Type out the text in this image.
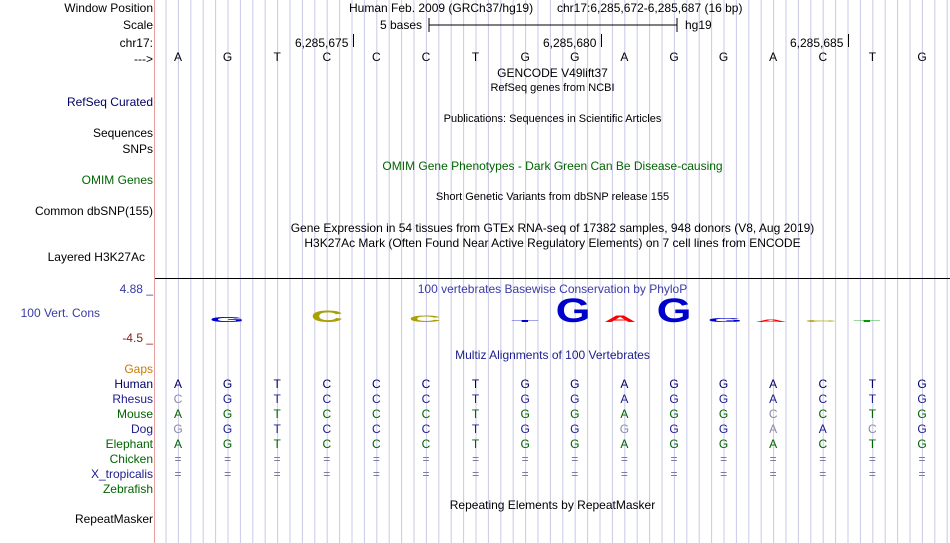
Window Position	Human Feb. 2009 (GRCh37/hg19) chr17:6,285,672-6,285,687 (16 bp)
Scale	5 bases	hg19
chr17:	6,285,675	6,285,680	6,285,685
--->	A	G	T	C	C	C	T	G	G	A	G	G	A	C	T	G
GENCODE V49lift37
RefSeq genes from NCBI
RefSeq Curated
Publications: Sequences in Scientific Articles
Sequences
SNPs
OMIM Gene Phenotypes - Dark Green Can Be Disease-causing
OMIM Genes
Short Genetic Variants from dbSNP release 155
Common dbSNP(155)
Gene Expression in 54 tissues from GTEx RNA-seq of 17382 samples, 948 donors (V8, Aug 2019)
H3K27Ac Mark (Often Found Near Active Regulatory Elements) on 7 cell lines from ENCODE
Layered H3K27Ac
100 vertebrates Basewise Conservation by PhyloP
4.88 _
100 Vert. Cons
-4.5 _
G C C T G A G G A C T
Multiz Alignments of 100 Vertebrates
Gaps
Human	A	G	T	C	C	C	T	G	G	A	G	G	A	C	T	G
Rhesus	C	G	T	C	C	C	T	G	G	A	G	G	A	C	T	G
Mouse	A	G	T	C	C	C	T	G	G	A	G	G	C	C	T	G
Dog	G	G	T	C	C	C	T	G	G	G	G	G	A	A	C	G
Elephant	A	G	T	C	C	C	T	G	G	A	G	G	A	C	T	G
Chicken	=	=	=	=	=	=	=	=	=	=	=	=	=	=	=	=
X_tropicalis	=	=	=	=	=	=	=	=	=	=	=	=	=	=	=	=
Zebrafish
Repeating Elements by RepeatMasker
RepeatMasker
